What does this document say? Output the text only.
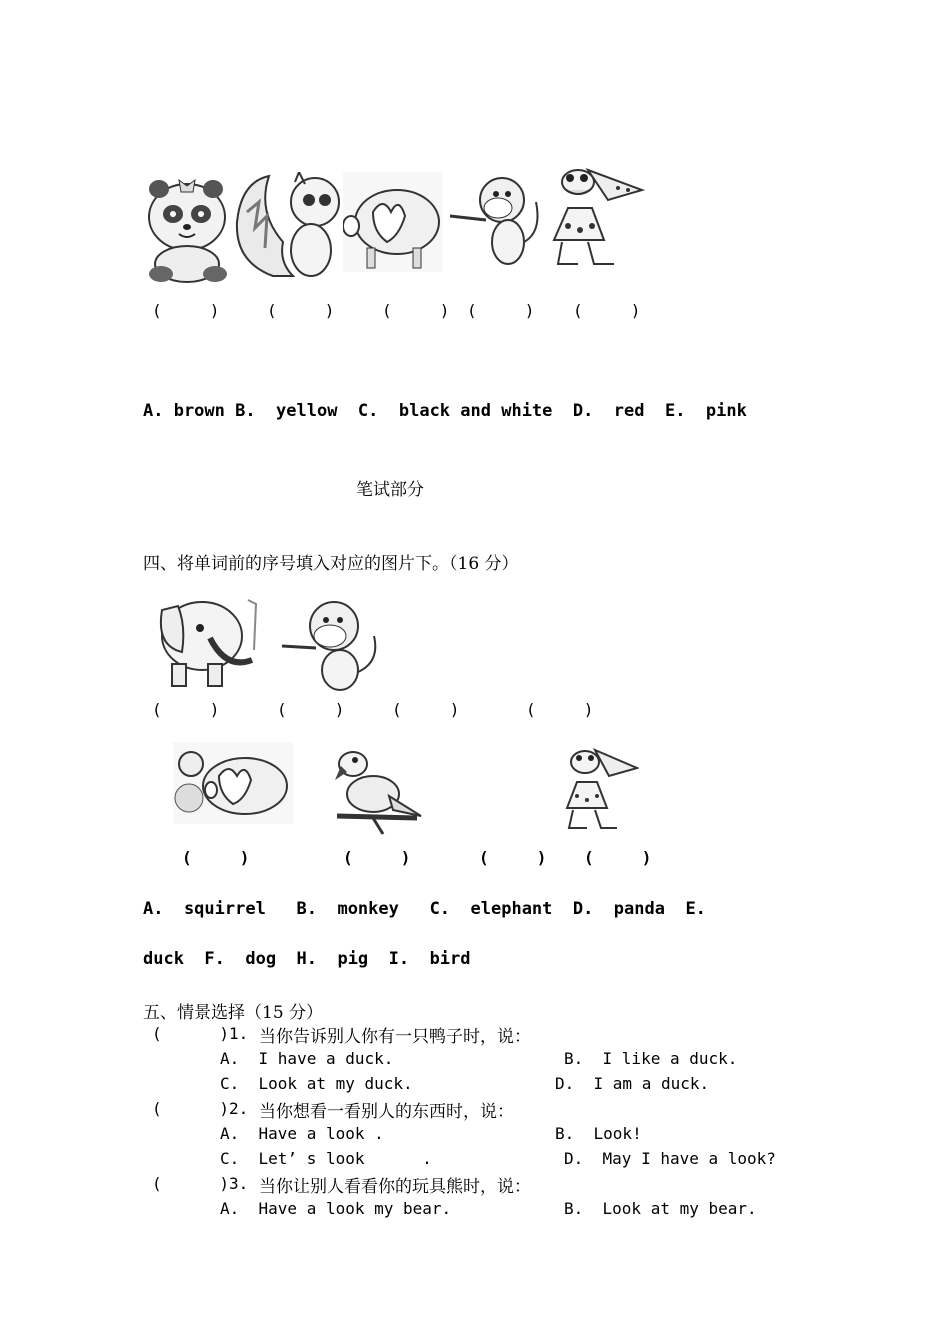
(     )	(     )	(     ) (     ) (     )
A. brown B.  yellow  C.  black and white  D.  red  E.  pink
笔试部分
四、将单词前的序号填入对应的图片下。（16 分）
(     )	(     )	(     )	(     )
(     )	(     )	(     ) (     )
A.  squirrel   B.  monkey   C.  elephant  D.  panda  E.
duck  F.  dog  H.  pig  I.  bird
五、情景选择（15 分）
(      ) 1. 当你告诉别人你有一只鸭子时，说：
A.  I have a duck.	B.  I like a duck.
C.  Look at my duck.	D.  I am a duck.
(      ) 2. 当你想看一看别人的东西时，说：
A.  Have a look .	B.  Look!
C.  Let’ s look      .	D.  May I have a look?
(      ) 3. 当你让别人看看你的玩具熊时，说：
A.  Have a look my bear.	B.  Look at my bear.
